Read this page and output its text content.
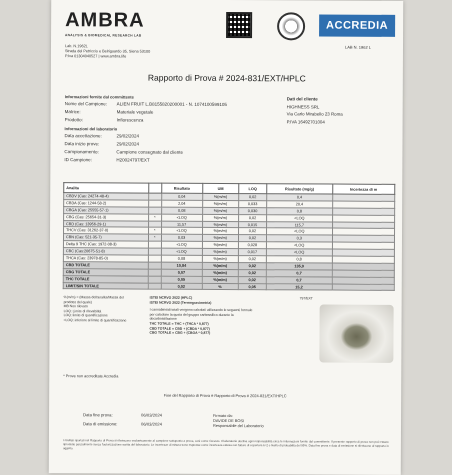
AMBRA
ANALYSIS & BIOMEDICAL RESEARCH LAB
Lab. N.1962L
Strada del Petriccio e Belriguardo 35, Siena 53100
P.Iva 01304040527 | www.ambra.life
ACCREDIA
LAB N. 1962 L
Rapporto di Prova # 2024-831/EXT/HPLC
Informazioni fornite dal committente
Nome del Campione: ALIEN FRUIT L.B8155820200001 - N. 1074100599105
Matrice:	Materiale vegetale
Prodotto:	Infiorescenza
Informazioni del laboratorio
Data accettazione:	29/02/2024
Data inizio prove:	29/02/2024
Campionamento:	Campione consegnato dal cliente
ID Campione:	H20024797/EXT
Dati del cliente
HIGHNESS SRL
Via Carlo Mirabello 23 Roma
P.IVA 16492701004
Analita		Risultato	UM	LOQ	Risultato (mg/g)	Incertezza di m
CBDV (Cas: 24274-48-4)		0,04	%(m/m)	0,02	0,4	
CBDA (Cas: 1244-58-2)		2,04	%(m/m)	0,033	20,4	
CBGA (Cas: 25555-57-1)		0,08	%(m/m)	0,030	0,8	
CBG (Cas: 25654-31-3)	*	<LOQ	%(m/m)	0,02	<LOQ	
CBD (Cas: 13956-29-1)		11,57	%(m/m)	0,015	115,7	
THCV (Cas: 31262-37-0)	*	<LOQ	%(m/m)	0,02	<LOQ	
CBN (Cas: 521-35-7)	*	0,03	%(m/m)	0,02	0,3	
Delta 9 THC (Cas: 1972-08-3)		<LOQ	%(m/m)	0,028	<LOQ	
CBC (Cas:20675-51-8)		<LOQ	%(m/m)	0,017	<LOQ	
THCA (Cas: 23978-85-0)		0,08	%(m/m)	0,02	0,8	
CBD TOTALE		10,84	%(m/m)	0,02	135,9	
CBG TOTALE		0,07	%(m/m)	0,02	0,7	
THC TOTALE		0,05	%(m/m)	0,02	0,7	
LIMIT/SIN TOTALE		0,02	%	0,05	15,2	
%(m/m) = (Massa dell'analita/Massa del prodotto del quale)
MB Non rilevato
LOQ: Limite di rilevabilità
LOQ: limite di quantificazione
<LOQ: inferiore al limite di quantificazione
ISTEI NCRVO 2022 (HPLC)
ISTEI NCRVO 2022 (Termogravimetria)
I cannabinoidi totali vengono calcolati utilizzando le seguenti formule per calcolare la quota del gruppo carbossilico durante la decarbossilazione
THC TOTALE = THC + (THCA * 0,877)
CBD TOTALE = CBD + (CBDA * 0,877)
CBG TOTALE = CBG + (CBGA * 0,877)
797/EXT
* Prove non accreditate Accredia
Fine del Rapporto di Prova # Rapporto di Prova # 2024-831/EXT/HPLC
Data fine prova:	06/03/2024
Data di emissione:	06/03/2024
Firmato da:
DAVIDE DE BOSI
Responsabile del Laboratorio
I risultati riportati nel Rapporto di Prova si riferiscono esclusivamente al campione sottoposto a prova, così come ricevuto. Il laboratorio declina ogni responsabilità circa le informazioni fornite dal committente. Il presente rapporto di prova non può essere riprodotto parzialmente senza l'autorizzazione scritta del laboratorio. Le incertezze di misura sono espresse come incertezza estesa con fattore di copertura k=2 e livello di probabilità del 95%. Data fine prova e data di emissione si riferiscono al rapporto in oggetto.
